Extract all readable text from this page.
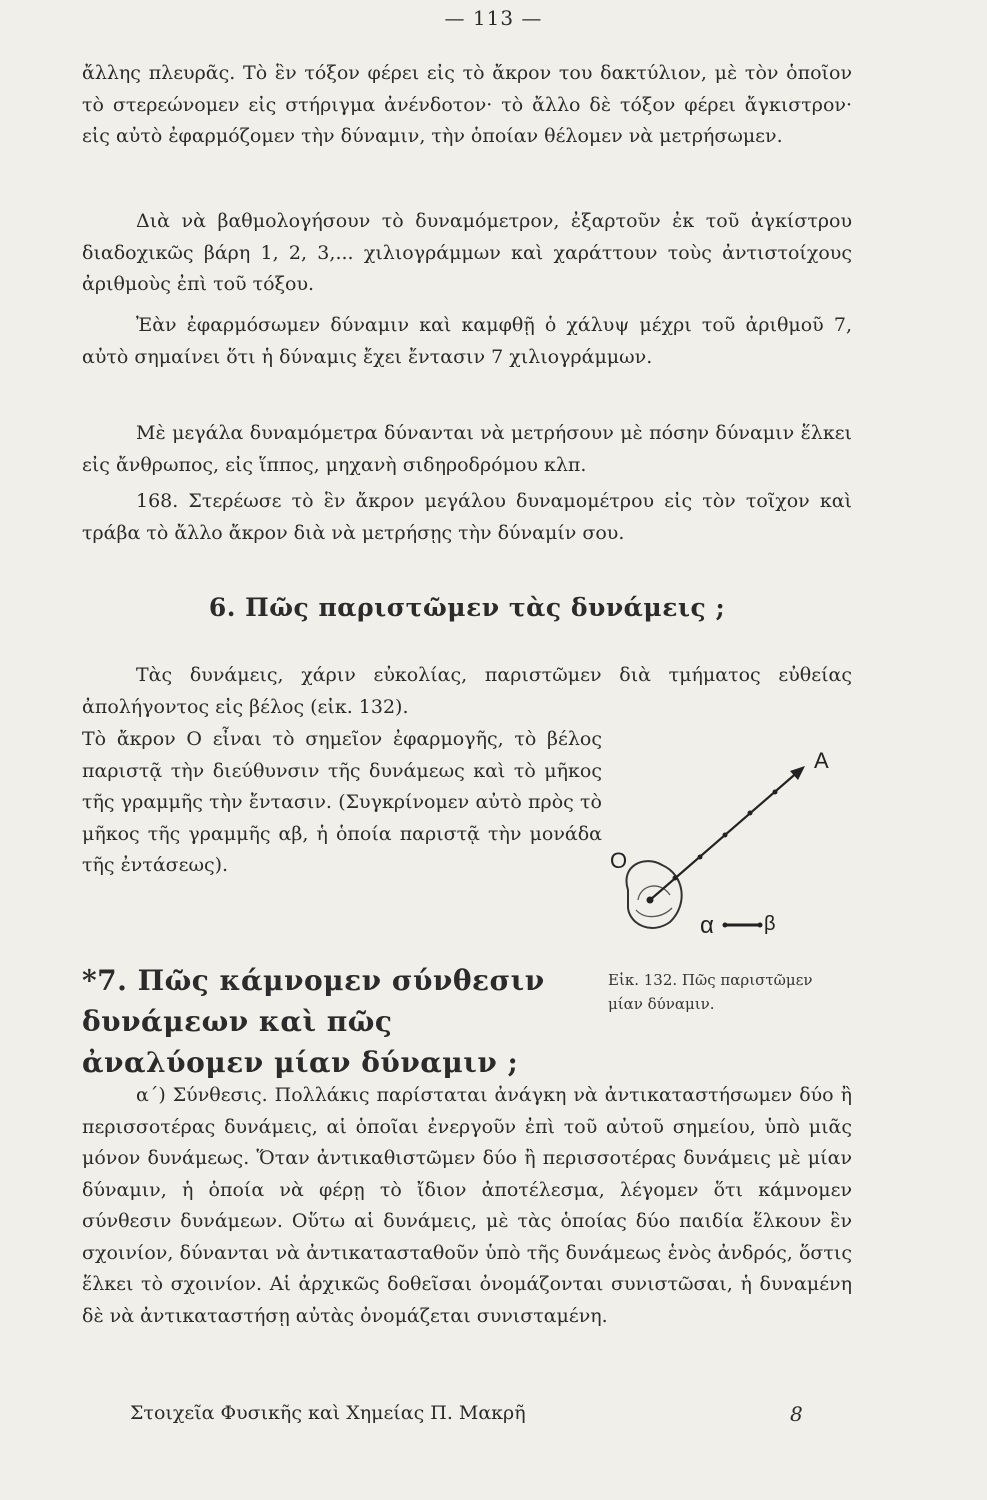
— 113 —

ἄλλης πλευρᾶς. Τὸ ἓν τόξον φέρει εἰς τὸ ἄκρον του δακτύλιον, μὲ τὸν ὁποῖον τὸ στερεώνομεν εἰς στήριγμα ἀνένδοτον· τὸ ἄλλο δὲ τόξον φέρει ἄγκιστρον· εἰς αὐτὸ ἐφαρμόζομεν τὴν δύναμιν, τὴν ὁποίαν θέλομεν νὰ μετρήσωμεν.

Διὰ νὰ βαθμολογήσουν τὸ δυναμόμετρον, ἐξαρτοῦν ἐκ τοῦ ἀγκίστρου διαδοχικῶς βάρη 1, 2, 3,... χιλιογράμμων καὶ χαράττουν τοὺς ἀντιστοίχους ἀριθμοὺς ἐπὶ τοῦ τόξου.

Ἐὰν ἐφαρμόσωμεν δύναμιν καὶ καμφθῇ ὁ χάλυψ μέχρι τοῦ ἀριθμοῦ 7, αὐτὸ σημαίνει ὅτι ἡ δύναμις ἔχει ἔντασιν 7 χιλιογράμμων.

Μὲ μεγάλα δυναμόμετρα δύνανται νὰ μετρήσουν μὲ πόσην δύναμιν ἕλκει εἰς ἄνθρωπος, εἰς ἵππος, μηχανὴ σιδηροδρόμου κλπ.

168. Στερέωσε τὸ ἓν ἄκρον μεγάλου δυναμομέτρου εἰς τὸν τοῖχον καὶ τράβα τὸ ἄλλο ἄκρον διὰ νὰ μετρήσῃς τὴν δύναμίν σου.

6. Πῶς παριστῶμεν τὰς δυνάμεις ;

Τὰς δυνάμεις, χάριν εὐκολίας, παριστῶμεν διὰ τμήματος εὐθείας ἀπολήγοντος εἰς βέλος (εἰκ. 132).

Τὸ ἄκρον Ο εἶναι τὸ σημεῖον ἐφαρμογῆς, τὸ βέλος παριστᾷ τὴν διεύθυνσιν τῆς δυνάμεως καὶ τὸ μῆκος τῆς γραμμῆς τὴν ἔντασιν. (Συγκρίνομεν αὐτὸ πρὸς τὸ μῆκος τῆς γραμμῆς αβ, ἡ ὁποία παριστᾷ τὴν μονάδα τῆς ἐντάσεως).

*7. Πῶς κάμνομεν σύνθεσιν δυνάμεων καὶ πῶς ἀναλύομεν μίαν δύναμιν ;

α΄) Σύνθεσις. Πολλάκις παρίσταται ἀνάγκη νὰ ἀντικαταστήσωμεν δύο ἢ περισσοτέρας δυνάμεις, αἱ ὁποῖαι ἐνεργοῦν ἐπὶ τοῦ αὐτοῦ σημείου, ὑπὸ μιᾶς μόνον δυνάμεως. Ὅταν ἀντικαθιστῶμεν δύο ἢ περισσοτέρας δυνάμεις μὲ μίαν δύναμιν, ἡ ὁποία νὰ φέρῃ τὸ ἴδιον ἀποτέλεσμα, λέγομεν ὅτι κάμνομεν σύνθεσιν δυνάμεων. Οὕτω αἱ δυνάμεις, μὲ τὰς ὁποίας δύο παιδία ἕλκουν ἓν σχοινίον, δύνανται νὰ ἀντικατασταθοῦν ὑπὸ τῆς δυνάμεως ἑνὸς ἀνδρός, ὅστις ἕλκει τὸ σχοινίον. Αἱ ἀρχικῶς δοθεῖσαι ὀνομάζονται συνιστῶσαι, ἡ δυναμένη δὲ νὰ ἀντικαταστήσῃ αὐτὰς ὀνομάζεται συνισταμένη.

A
O
α	β
Εἰκ. 132. Πῶς παριστῶμεν μίαν δύναμιν.
Στοιχεῖα Φυσικῆς καὶ Χημείας Π. Μακρῆ	8
